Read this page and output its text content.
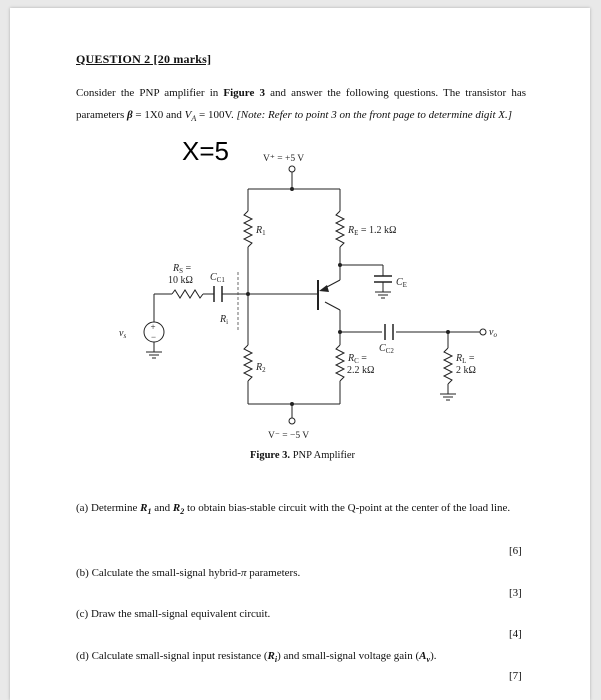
QUESTION 2 [20 marks]
Consider the PNP amplifier in Figure 3 and answer the following questions. The transistor has parameters β = 1X0 and $V_A = 100V$. [Note: Refer to point 3 on the front page to determine digit X.]
X=5
+
−
V⁺ = +5 V
V⁻ = −5 V
$R_1$
$R_2$
$R_E = 1.2$ kΩ
$R_S$ =
10 kΩ $C_{C1}$
$R_i$
$C_E$
$C_{C2}$
$R_C$ =
2.2 kΩ
$R_L$ =
2 kΩ
$v_s$	$v_o$
Figure 3. PNP Amplifier
(a) Determine $R_1$ and $R_2$ to obtain bias-stable circuit with the Q-point at the center of the load line.
[6]
(b) Calculate the small-signal hybrid-π parameters.
[3]
(c) Draw the small-signal equivalent circuit.
[4]
(d) Calculate small-signal input resistance $(R_i)$ and small-signal voltage gain $(A_v)$.
[7]
